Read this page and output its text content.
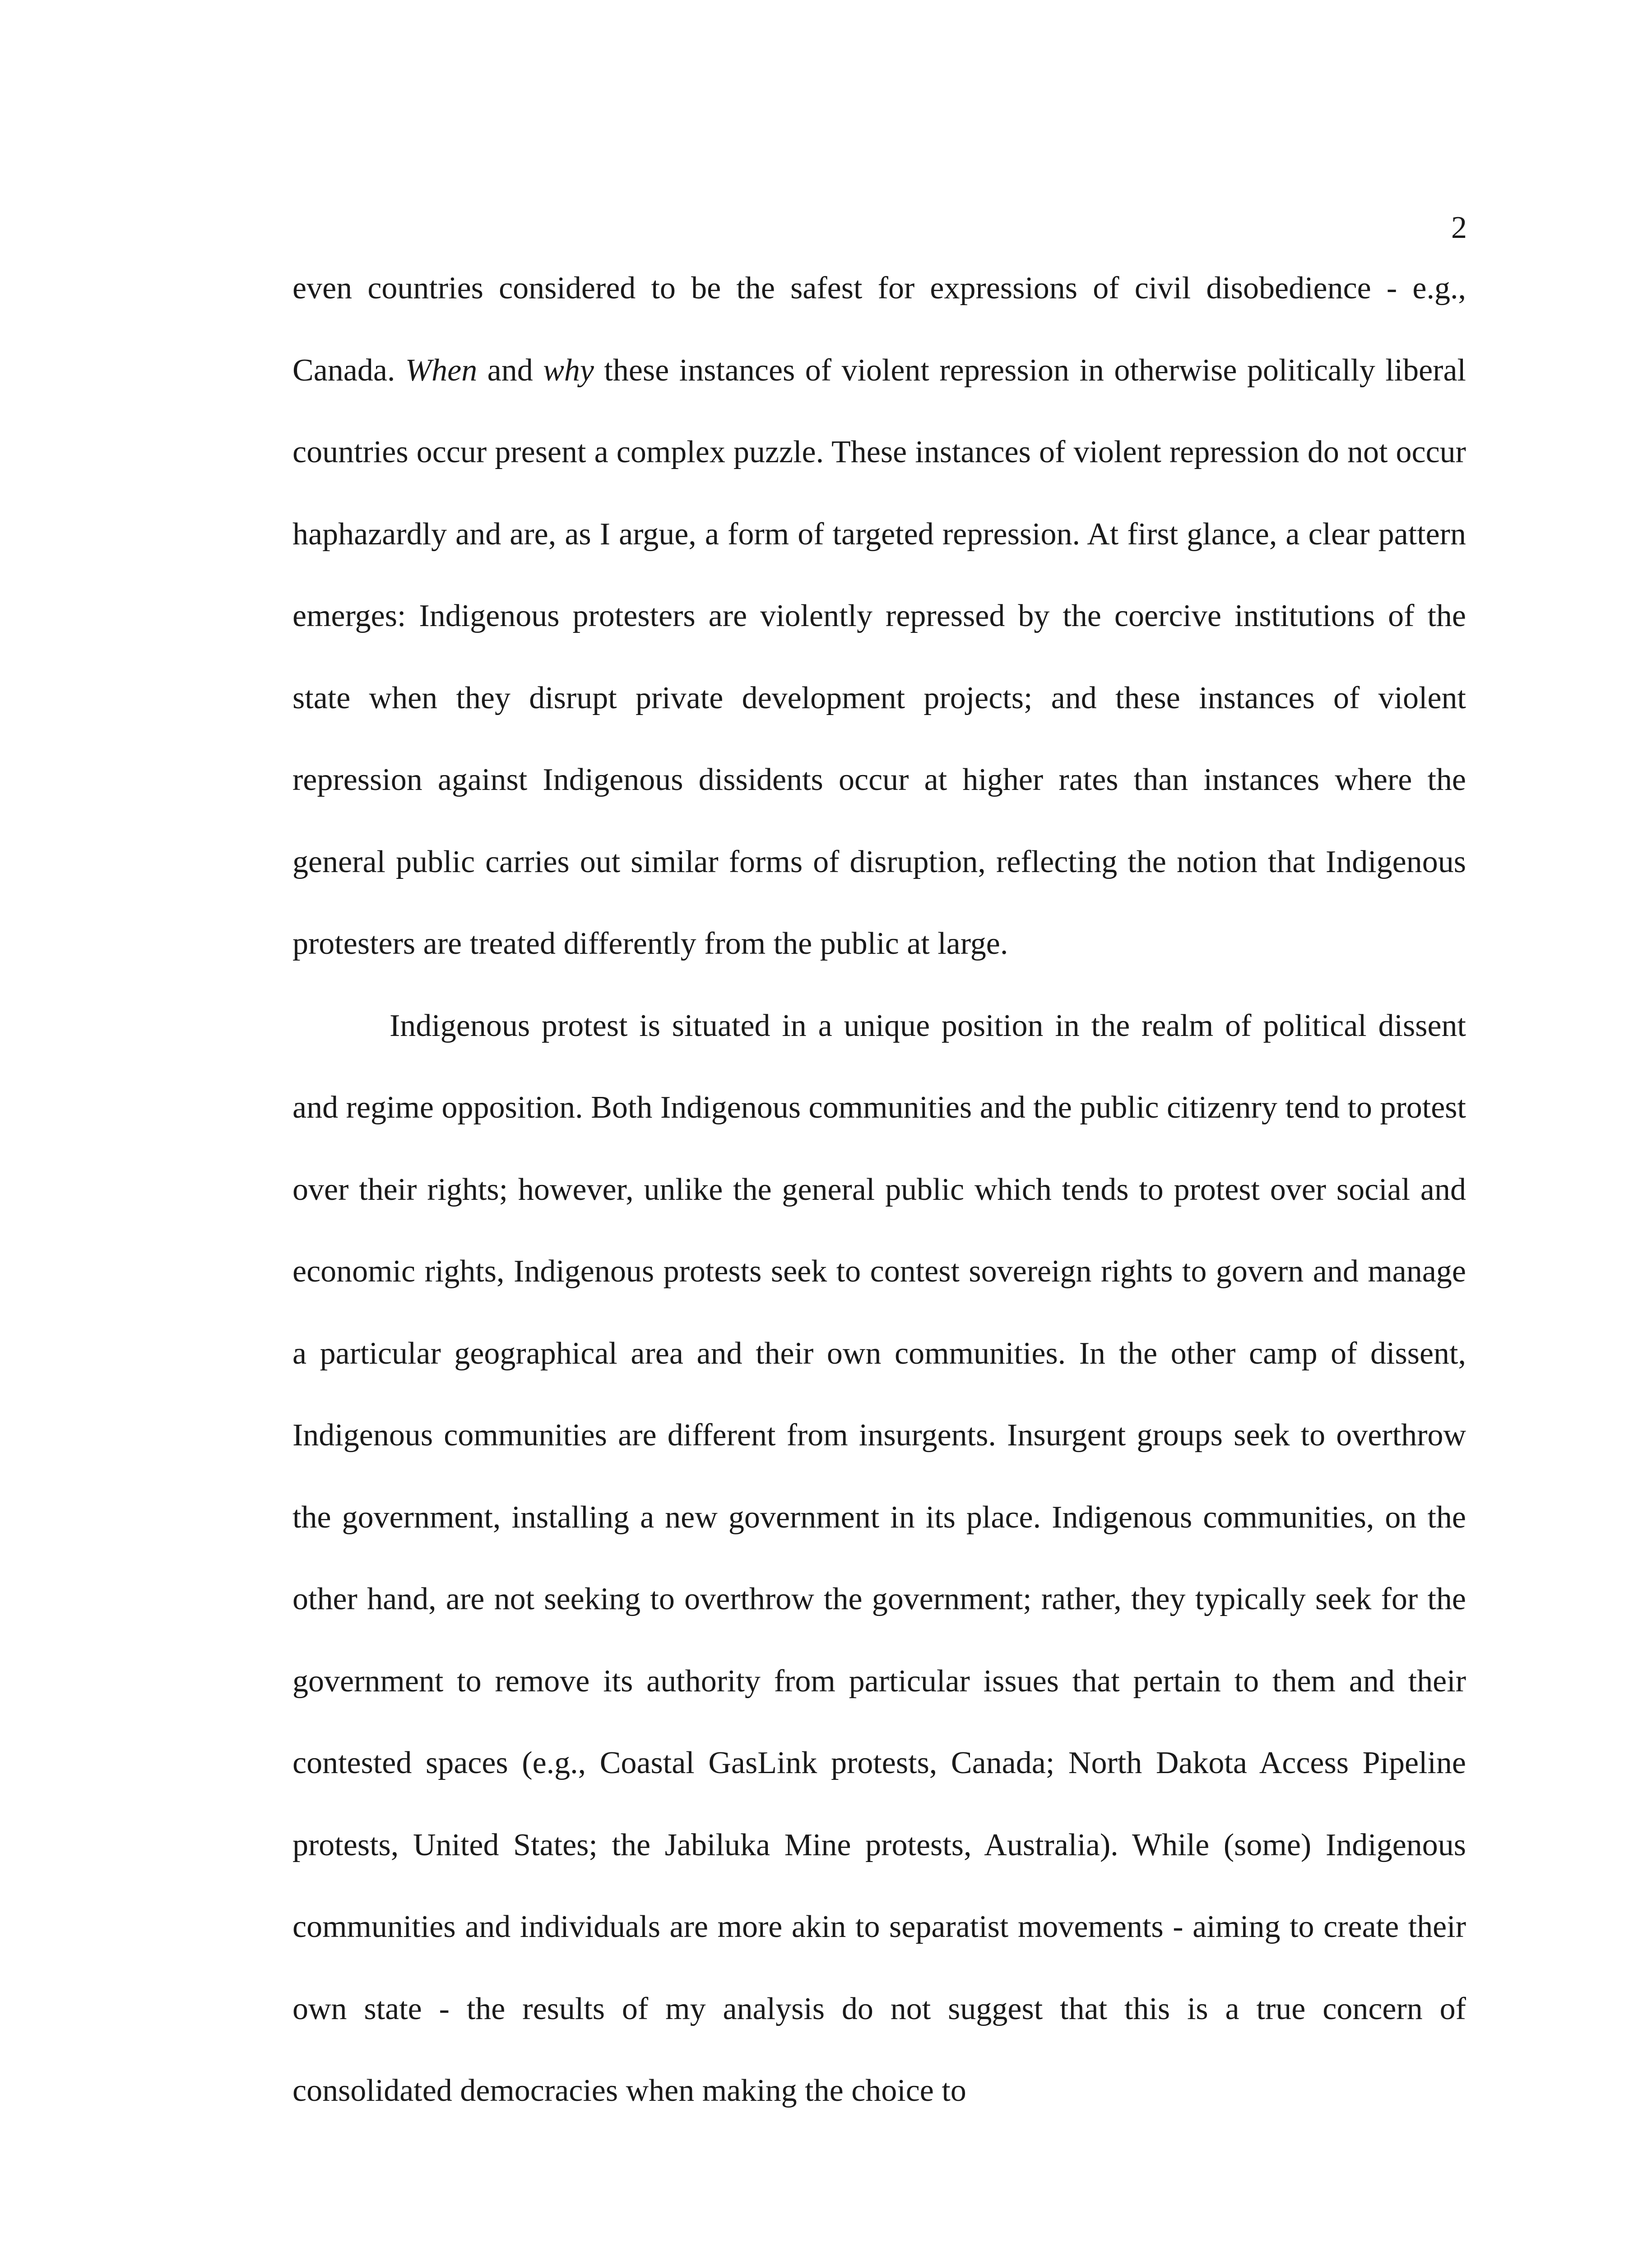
2

even countries considered to be the safest for expressions of civil disobedience - e.g., Canada. When and why these instances of violent repression in otherwise politically liberal countries occur present a complex puzzle. These instances of violent repression do not occur haphazardly and are, as I argue, a form of targeted repression. At first glance, a clear pattern emerges: Indigenous protesters are violently repressed by the coercive institutions of the state when they disrupt private development projects; and these instances of violent repression against Indigenous dissidents occur at higher rates than instances where the general public carries out similar forms of disruption, reflecting the notion that Indigenous protesters are treated differently from the public at large.

Indigenous protest is situated in a unique position in the realm of political dissent and regime opposition. Both Indigenous communities and the public citizenry tend to protest over their rights; however, unlike the general public which tends to protest over social and economic rights, Indigenous protests seek to contest sovereign rights to govern and manage a particular geographical area and their own communities. In the other camp of dissent, Indigenous communities are different from insurgents. Insurgent groups seek to overthrow the government, installing a new government in its place. Indigenous communities, on the other hand, are not seeking to overthrow the government; rather, they typically seek for the government to remove its authority from particular issues that pertain to them and their contested spaces (e.g., Coastal GasLink protests, Canada; North Dakota Access Pipeline protests, United States; the Jabiluka Mine protests, Australia). While (some) Indigenous communities and individuals are more akin to separatist movements - aiming to create their own state - the results of my analysis do not suggest that this is a true concern of consolidated democracies when making the choice to
